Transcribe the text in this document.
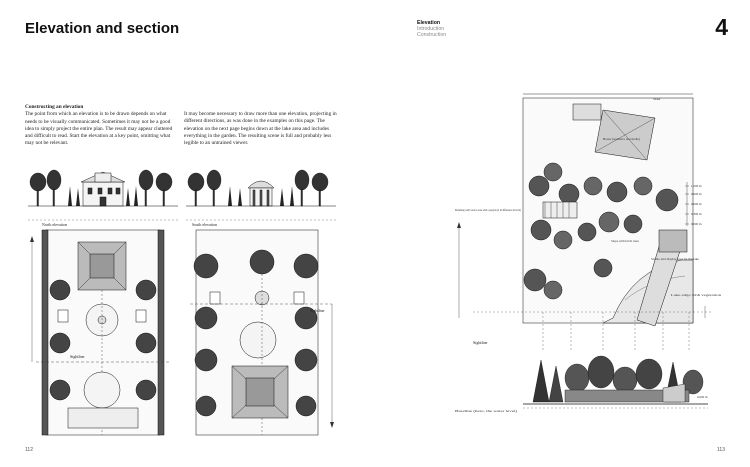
Elevation and section
Constructing an elevation
The point from which an elevation is to be drawn depends on what needs to be visually communicated. Sometimes it may not be a good idea to simply project the entire plan. The result may appear cluttered and difficult to read. Start the elevation at a key point, omitting what may not be relevant.
It may become necessary to draw more than one elevation, projecting in different directions, as was done in the examples on this page. The elevation on the next page begins down at the lake area and includes everything in the garden. The resulting scene is full and probably less legible to an untrained viewer.
North elevation
Sightline
South elevation
Sightline
112
Elevation
Introduction
Construction	4
1,200 m
0,900 m
0,600 m
0,300 m
0,000 m
Street
House (residence and studio)
Retaining wall/ terrace area with a pergola (2 m difference in level)
Slope with birch trees
Studio and display area by the lake
Lake edge with vegetation
Sightline
0,000 m
Baseline (here, the water level)
113
